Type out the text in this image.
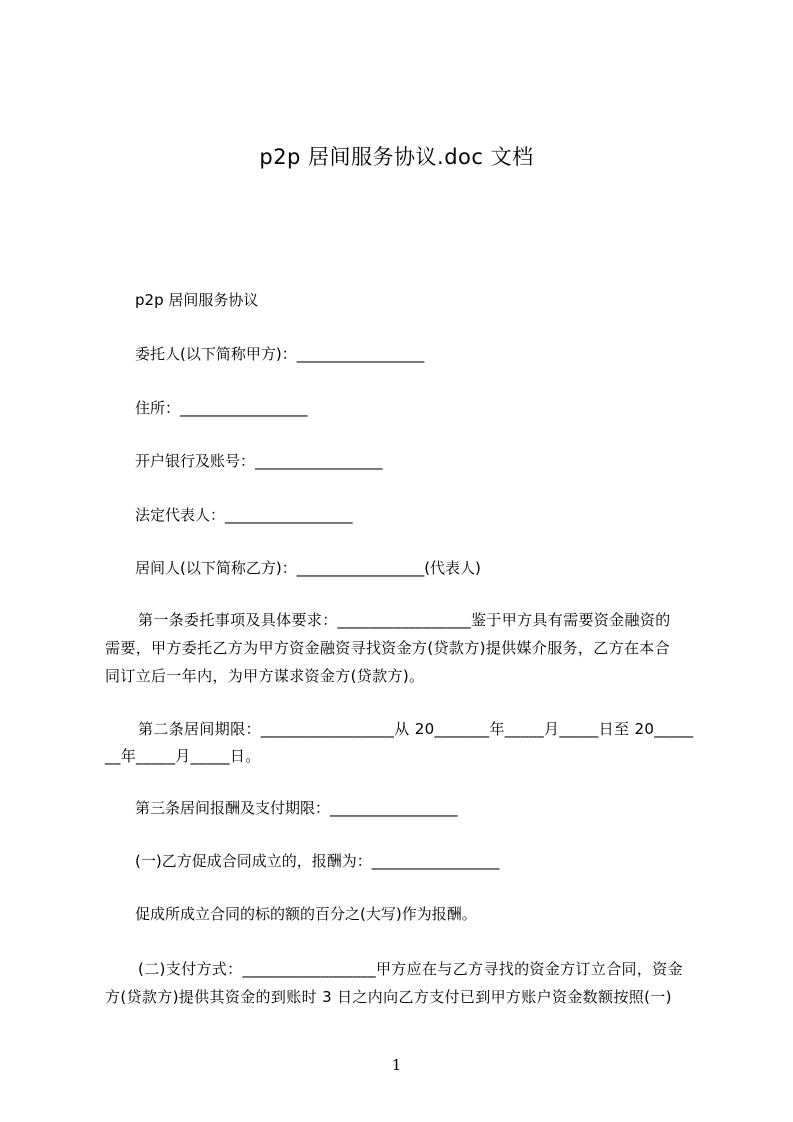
p2p 居间服务协议.doc 文档
p2p 居间服务协议
委托人(以下简称甲方)：_________________
住所：_________________
开户银行及账号：_________________
法定代表人：_________________
居间人(以下简称乙方)：_________________(代表人)
第一条委托事项及具体要求：_________________鉴于甲方具有需要资金融资的
需要，甲方委托乙方为甲方资金融资寻找资金方(贷款方)提供媒介服务，乙方在本合
同订立后一年内，为甲方谋求资金方(贷款方)。
第二条居间期限：_________________从 20_______年_____月_____日至 20_____
__年_____月_____日。
第三条居间报酬及支付期限：_________________
(一)乙方促成合同成立的，报酬为：_________________
促成所成立合同的标的额的百分之(大写)作为报酬。
(二)支付方式：_________________甲方应在与乙方寻找的资金方订立合同，资金
方(贷款方)提供其资金的到账时 3 日之内向乙方支付已到甲方账户资金数额按照(一)
1
